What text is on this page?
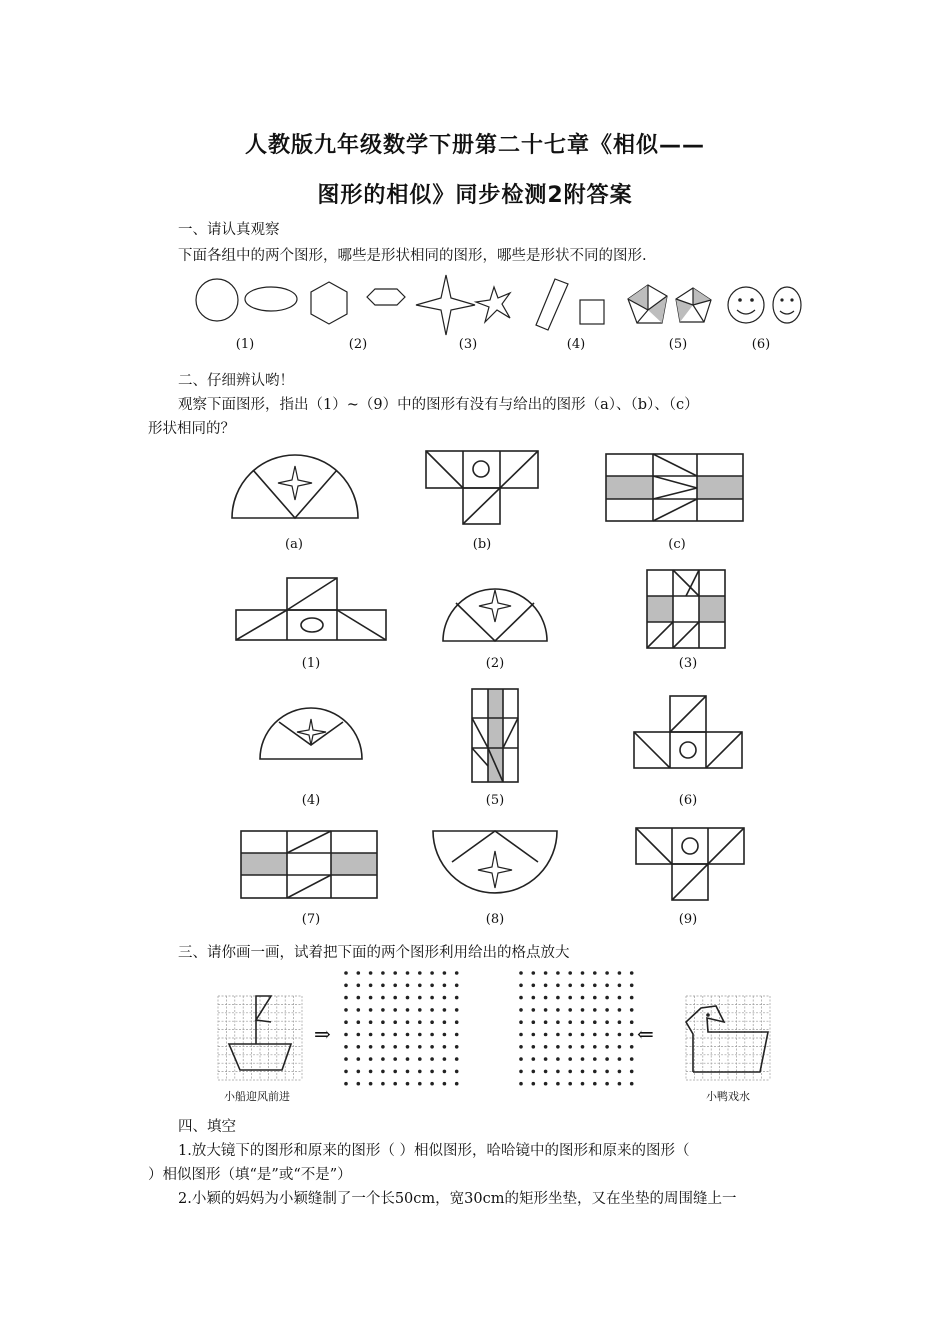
人教版九年级数学下册第二十七章《相似——
图形的相似》同步检测2附答案
一、请认真观察
下面各组中的两个图形，哪些是形状相同的图形，哪些是形状不同的图形.
(1)	(2)	(3)	(4)	(5)	(6)
二、仔细辨认哟！
观察下面图形，指出（1）~（9）中的图形有没有与给出的图形（a）、（b）、（c）
形状相同的？
(a)	(b)	(c)
(1)	(2)	(3)
(4)	(5)	(6)
(7)	(8)	(9)
三、请你画一画，试着把下面的两个图形利用给出的格点放大
⇒	⇐
小船迎风前进	小鸭戏水
四、填空
1.放大镜下的图形和原来的图形（ ）相似图形，哈哈镜中的图形和原来的图形（
）相似图形（填“是”或“不是”）
2.小颖的妈妈为小颖缝制了一个长50cm，宽30cm的矩形坐垫，又在坐垫的周围缝上一
